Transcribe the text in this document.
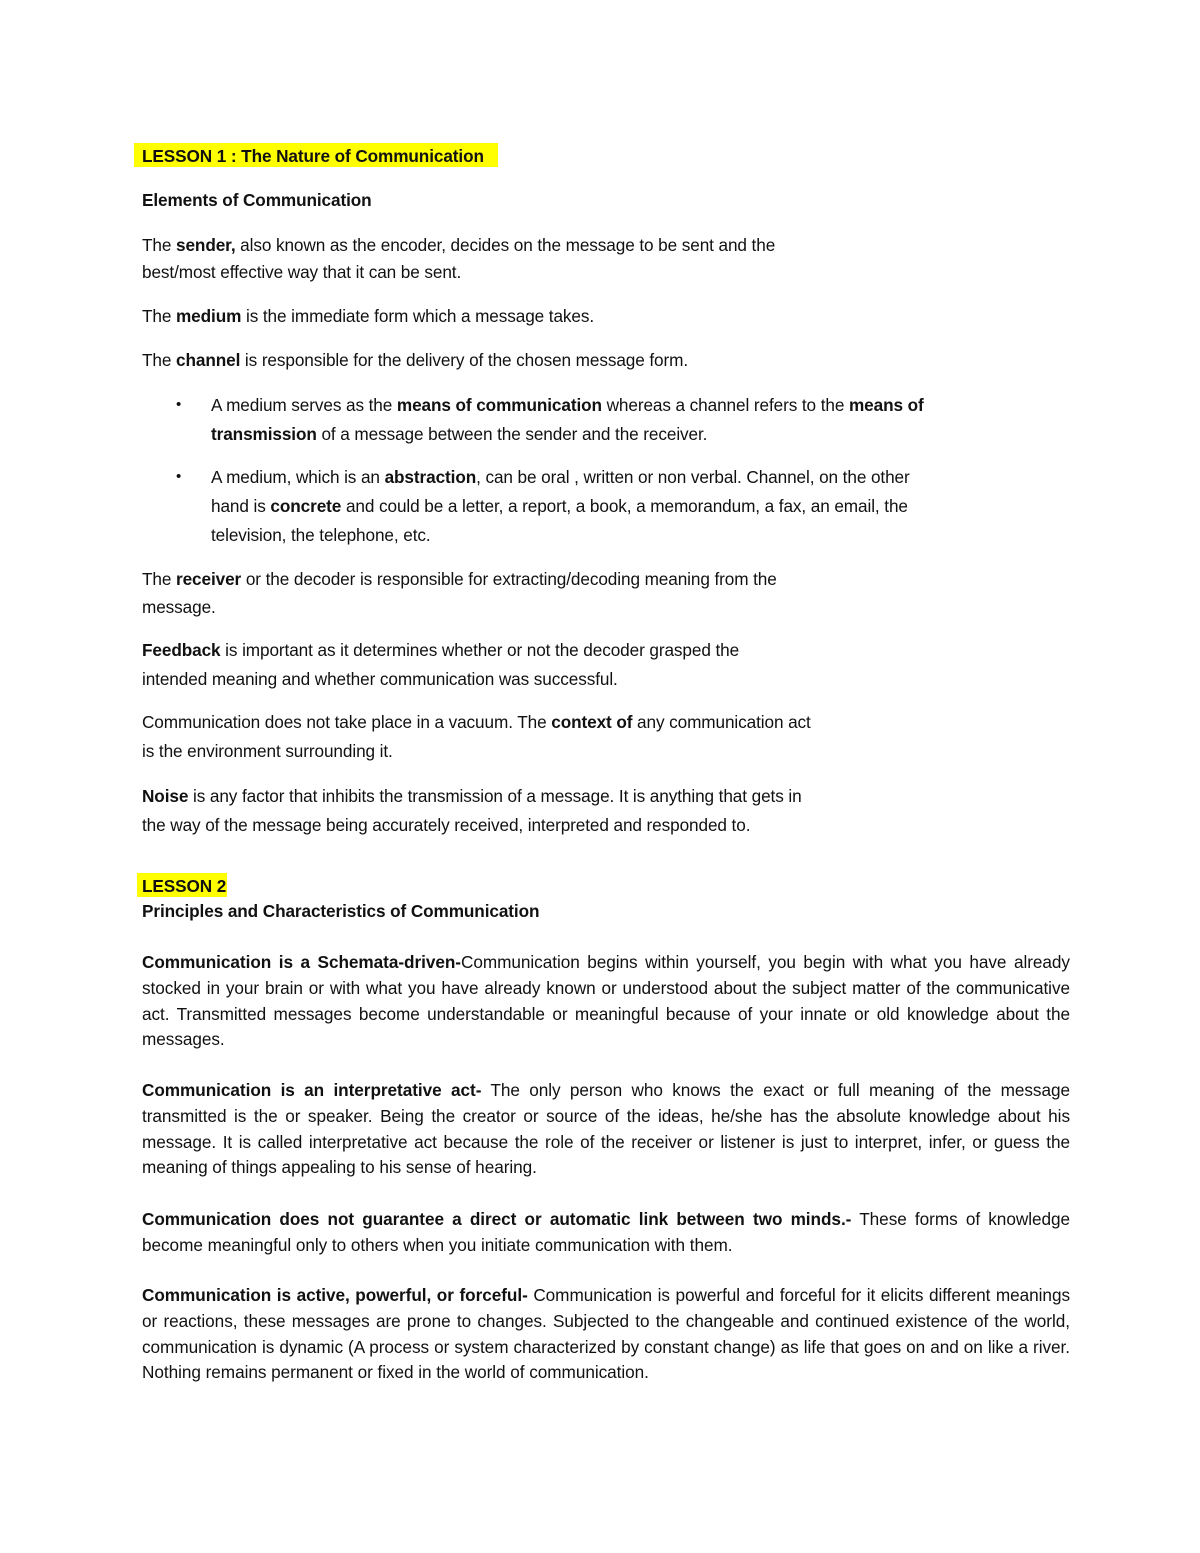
LESSON 1 : The Nature of Communication
Elements of Communication
The sender, also known as the encoder, decides on the message to be sent and the
best/most effective way that it can be sent.
The medium is the immediate form which a message takes.
The channel is responsible for the delivery of the chosen message form.
• A medium serves as the means of communication whereas a channel refers to the means of
transmission of a message between the sender and the receiver.
• A medium, which is an abstraction, can be oral , written or non verbal. Channel, on the other
hand is concrete and could be a letter, a report, a book, a memorandum, a fax, an email, the
television, the telephone, etc.
The receiver or the decoder is responsible for extracting/decoding meaning from the
message.
Feedback is important as it determines whether or not the decoder grasped the
intended meaning and whether communication was successful.
Communication does not take place in a vacuum. The context of any communication act
is the environment surrounding it.
Noise is any factor that inhibits the transmission of a message. It is anything that gets in
the way of the message being accurately received, interpreted and responded to.
LESSON 2
Principles and Characteristics of Communication
Communication is a Schemata-driven-Communication begins within yourself, you begin with what you have already stocked in your brain or with what you have already known or understood about the subject matter of the communicative act. Transmitted messages become understandable or meaningful because of your innate or old knowledge about the messages.
Communication is an interpretative act- The only person who knows the exact or full meaning of the message transmitted is the or speaker. Being the creator or source of the ideas, he/she has the absolute knowledge about his message. It is called interpretative act because the role of the receiver or listener is just to interpret, infer, or guess the meaning of things appealing to his sense of hearing.
Communication does not guarantee a direct or automatic link between two minds.- These forms of knowledge become meaningful only to others when you initiate communication with them.
Communication is active, powerful, or forceful- Communication is powerful and forceful for it elicits different meanings or reactions, these messages are prone to changes. Subjected to the changeable and continued existence of the world, communication is dynamic (A process or system characterized by constant change) as life that goes on and on like a river. Nothing remains permanent or fixed in the world of communication.
